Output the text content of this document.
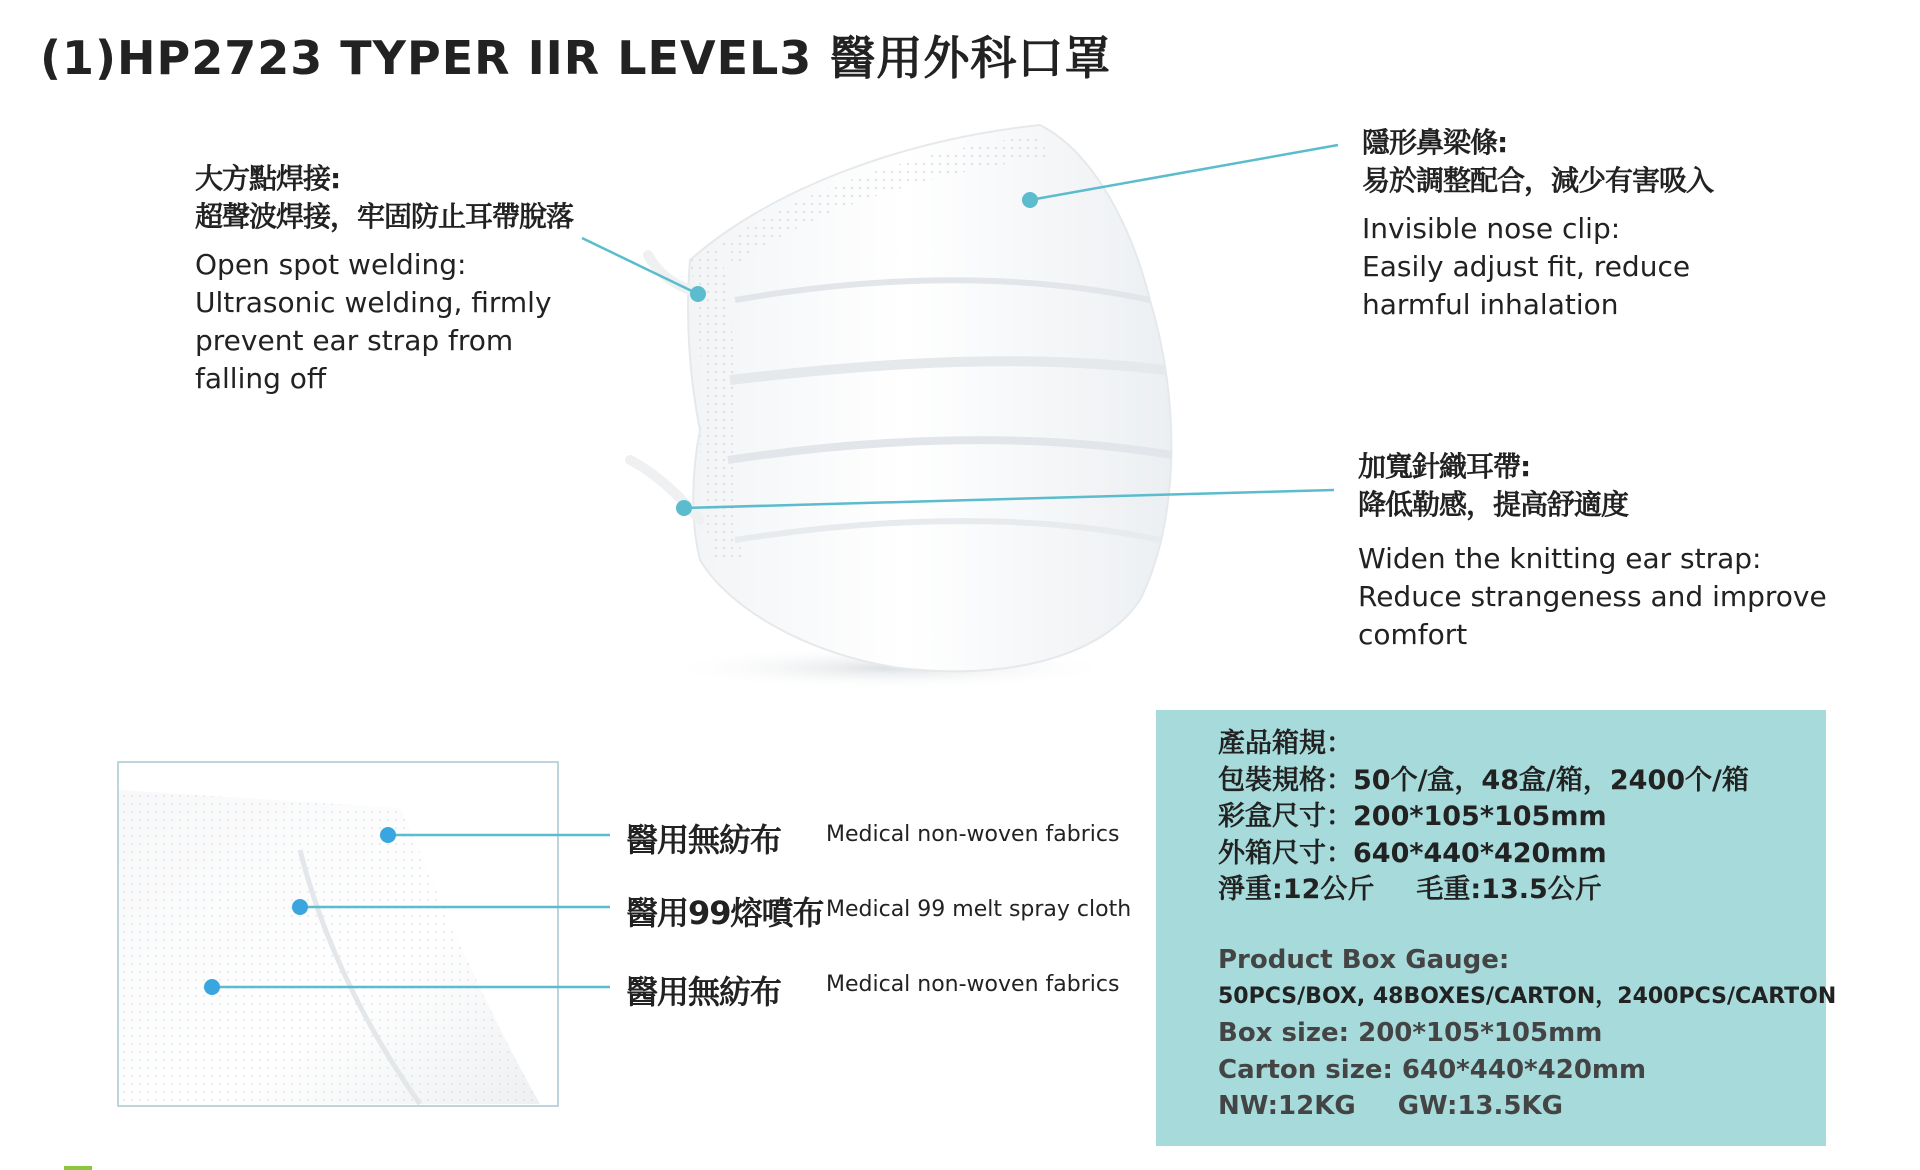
(1)HP2723 TYPER IIR LEVEL3 醫用外科口罩
大方點焊接:
超聲波焊接，牢固防止耳帶脫落
Open spot welding:
Ultrasonic welding, firmly
prevent ear strap from
falling off
隱形鼻梁條:
易於調整配合，減少有害吸入
Invisible nose clip:
Easily adjust fit, reduce
harmful inhalation
加寬針織耳帶:
降低勒感，提高舒適度
Widen the knitting ear strap:
Reduce strangeness and improve
comfort
醫用無紡布 Medical non-woven fabrics
醫用99熔噴布 Medical 99 melt spray cloth
醫用無紡布 Medical non-woven fabrics
產品箱規：
包裝規格：50个/盒，48盒/箱，2400个/箱
彩盒尺寸：200*105*105mm
外箱尺寸：640*440*420mm
淨重:12公斤 毛重:13.5公斤
Product Box Gauge:
50PCS/BOX, 48BOXES/CARTON，2400PCS/CARTON
Box size: 200*105*105mm
Carton size: 640*440*420mm
NW:12KG GW:13.5KG
